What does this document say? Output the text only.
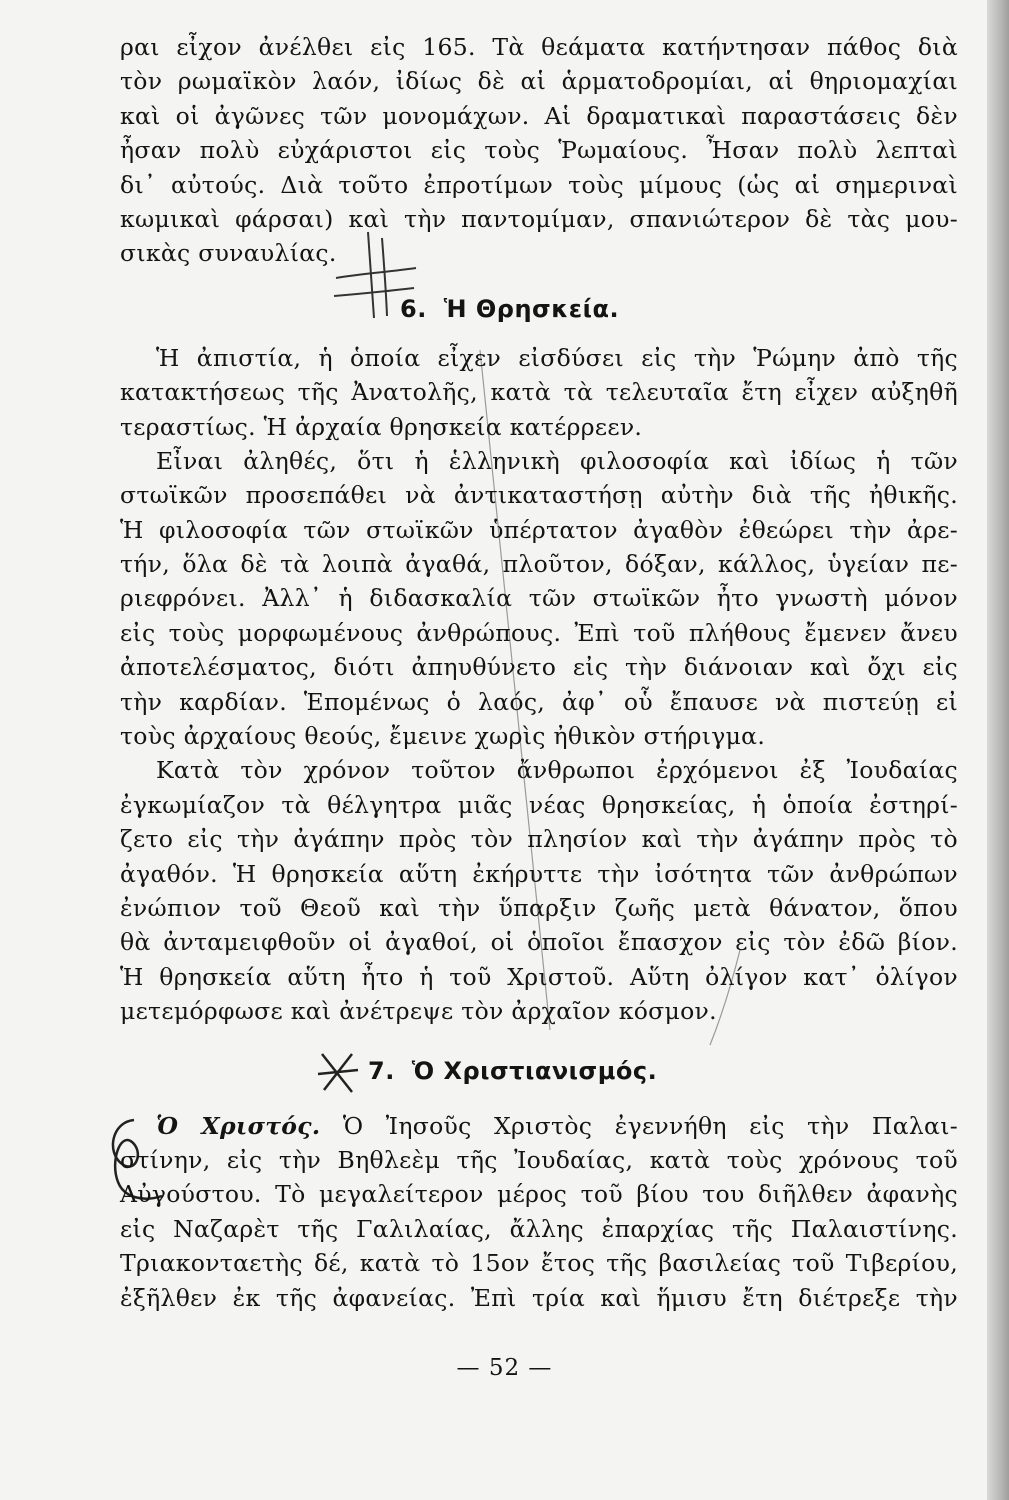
ραι εἶχον ἀνέλθει εἰς 165. Τὰ θεάματα κατήντησαν πάθος διὰ
τὸν ρωμαϊκὸν λαόν, ἰδίως δὲ αἱ ἁρματοδρομίαι, αἱ θηριομαχίαι
καὶ οἱ ἀγῶνες τῶν μονομάχων. Αἱ δραματικαὶ παραστάσεις δὲν
ἦσαν πολὺ εὐχάριστοι εἰς τοὺς Ῥωμαίους. Ἦσαν πολὺ λεπταὶ
δι᾽ αὐτούς. Διὰ τοῦτο ἐπροτίμων τοὺς μίμους (ὡς αἱ σημεριναὶ
κωμικαὶ φάρσαι) καὶ τὴν παντομίμαν, σπανιώτερον δὲ τὰς μου-
σικὰς συναυλίας.
6. Ἡ Θρησκεία.
Ἡ ἀπιστία, ἡ ὁποία εἶχεν εἰσδύσει εἰς τὴν Ῥώμην ἀπὸ τῆς
κατακτήσεως τῆς Ἀνατολῆς, κατὰ τὰ τελευταῖα ἔτη εἶχεν αὐξηθῆ
τεραστίως. Ἡ ἀρχαία θρησκεία κατέρρεεν.
Εἶναι ἀληθές, ὅτι ἡ ἑλληνικὴ φιλοσοφία καὶ ἰδίως ἡ τῶν
στωϊκῶν προσεπάθει νὰ ἀντικαταστήσῃ αὐτὴν διὰ τῆς ἠθικῆς.
Ἡ φιλοσοφία τῶν στωϊκῶν ὑπέρτατον ἀγαθὸν ἐθεώρει τὴν ἀρε-
τήν, ὅλα δὲ τὰ λοιπὰ ἀγαθά, πλοῦτον, δόξαν, κάλλος, ὑγείαν πε-
ριεφρόνει. Ἀλλ᾽ ἡ διδασκαλία τῶν στωϊκῶν ἦτο γνωστὴ μόνον
εἰς τοὺς μορφωμένους ἀνθρώπους. Ἐπὶ τοῦ πλήθους ἔμενεν ἄνευ
ἀποτελέσματος, διότι ἀπηυθύνετο εἰς τὴν διάνοιαν καὶ ὄχι εἰς
τὴν καρδίαν. Ἑπομένως ὁ λαός, ἀφ᾽ οὗ ἔπαυσε νὰ πιστεύῃ εἰ
τοὺς ἀρχαίους θεούς, ἔμεινε χωρὶς ἠθικὸν στήριγμα.
Κατὰ τὸν χρόνον τοῦτον ἄνθρωποι ἐρχόμενοι ἐξ Ἰουδαίας
ἐγκωμίαζον τὰ θέλγητρα μιᾶς νέας θρησκείας, ἡ ὁποία ἐστηρί-
ζετο εἰς τὴν ἀγάπην πρὸς τὸν πλησίον καὶ τὴν ἀγάπην πρὸς τὸ
ἀγαθόν. Ἡ θρησκεία αὕτη ἐκήρυττε τὴν ἰσότητα τῶν ἀνθρώπων
ἐνώπιον τοῦ Θεοῦ καὶ τὴν ὕπαρξιν ζωῆς μετὰ θάνατον, ὅπου
θὰ ἀνταμειφθοῦν οἱ ἀγαθοί, οἱ ὁποῖοι ἔπασχον εἰς τὸν ἐδῶ βίον.
Ἡ θρησκεία αὕτη ἦτο ἡ τοῦ Χριστοῦ. Αὕτη ὀλίγον κατ᾽ ὀλίγον
μετεμόρφωσε καὶ ἀνέτρεψε τὸν ἀρχαῖον κόσμον.
7. Ὁ Χριστιανισμός.
Ὁ Χριστός. Ὁ Ἰησοῦς Χριστὸς ἐγεννήθη εἰς τὴν Παλαι-
στίνην, εἰς τὴν Βηθλεὲμ τῆς Ἰουδαίας, κατὰ τοὺς χρόνους τοῦ
Αὐγούστου. Τὸ μεγαλείτερον μέρος τοῦ βίου του διῆλθεν ἀφανὴς
εἰς Ναζαρὲτ τῆς Γαλιλαίας, ἄλλης ἐπαρχίας τῆς Παλαιστίνης.
Τριακονταετὴς δέ, κατὰ τὸ 15ον ἔτος τῆς βασιλείας τοῦ Τιβερίου,
ἐξῆλθεν ἐκ τῆς ἀφανείας. Ἐπὶ τρία καὶ ἥμισυ ἔτη διέτρεξε τὴν
— 52 —
